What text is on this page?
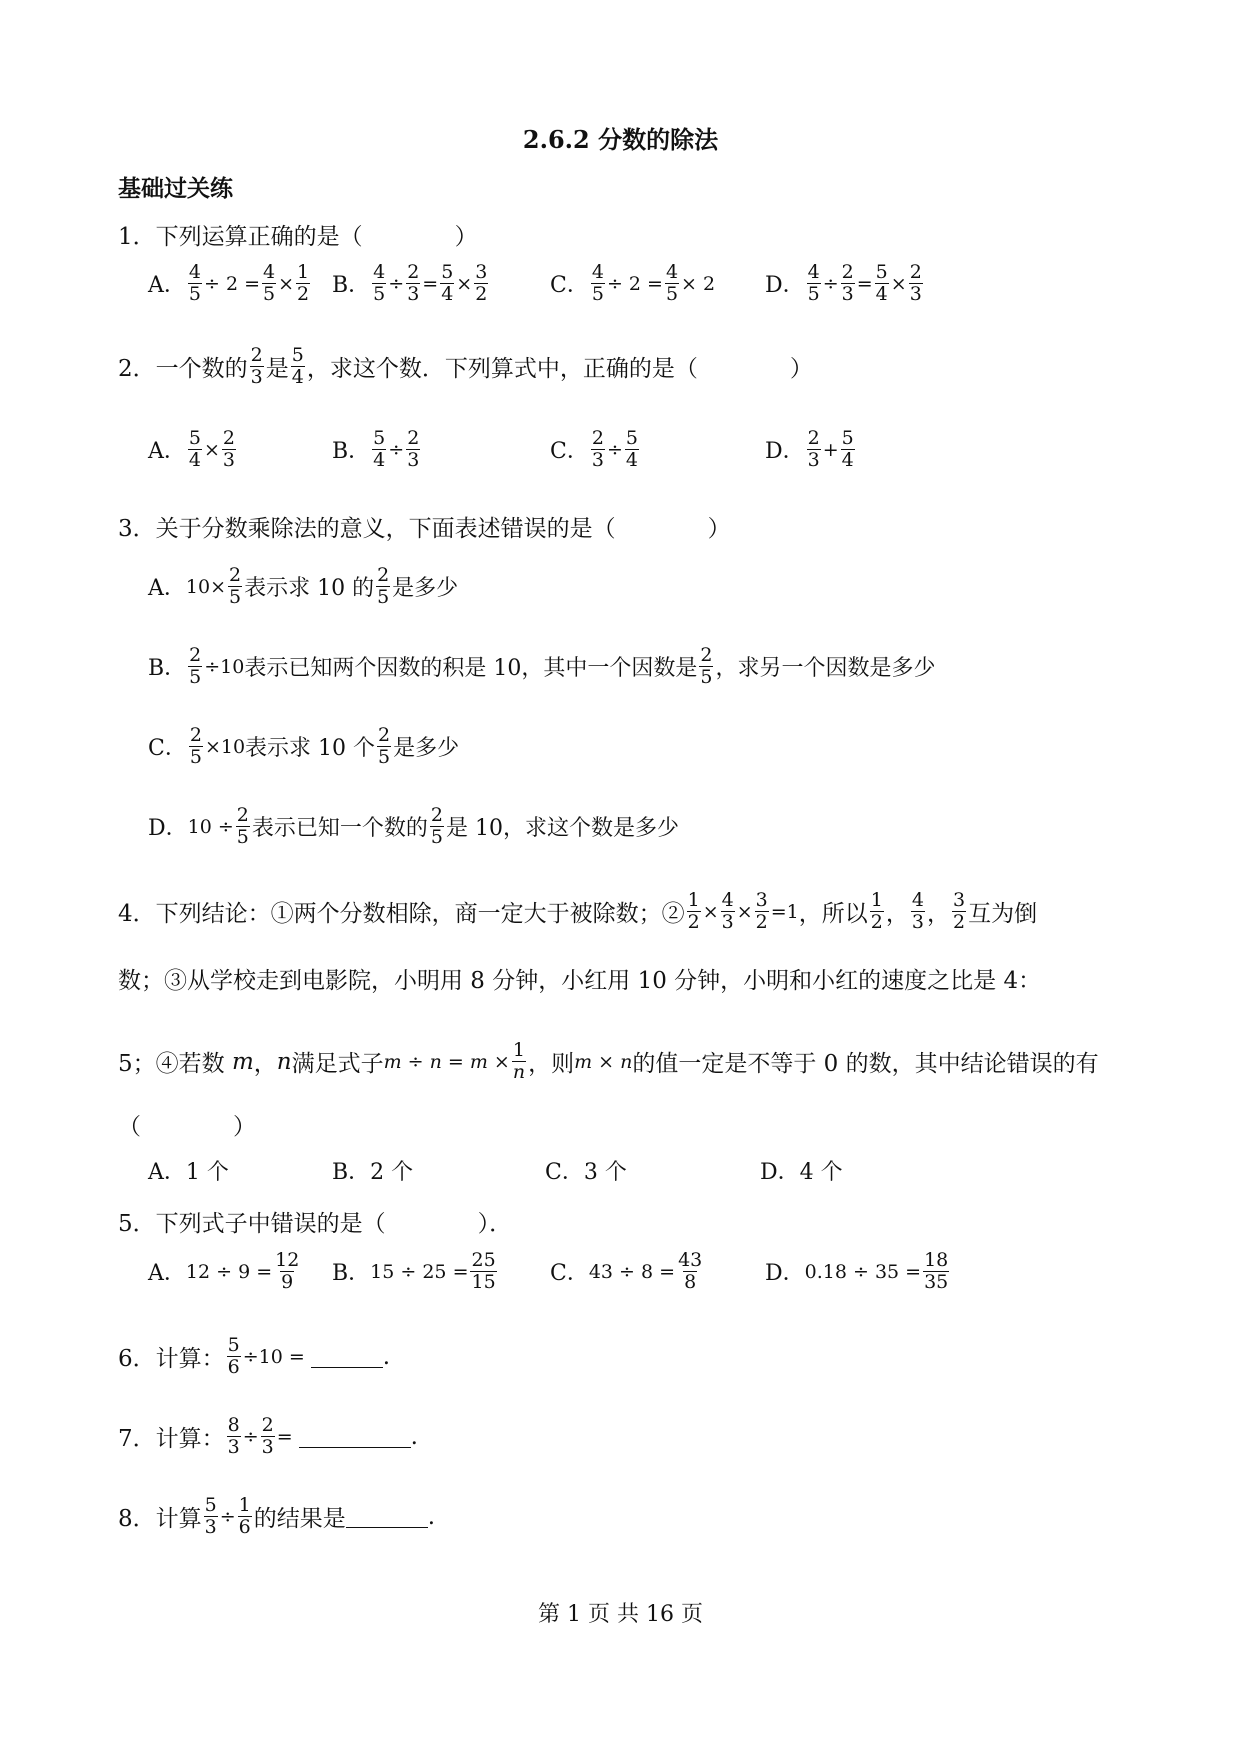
2.6.2 分数的除法
基础过关练
1．下列运算正确的是（　　　　）
A． $\frac{4}{5} \div 2 = \frac{4}{5} \times \frac{1}{2}$ B． $\frac{4}{5} \div \frac{2}{3} = \frac{5}{4} \times \frac{3}{2}$	C． $\frac{4}{5} \div 2 = \frac{4}{5} \times 2$ D． $\frac{4}{5} \div \frac{2}{3} = \frac{5}{4} \times \frac{2}{3}$
2．一个数的
2
3 是
5
4 ，求这个数．下列算式中，正确的是（　　　　）
A． $\frac{5}{4} \times \frac{2}{3}$	B． $\frac{5}{4} \div \frac{2}{3}$	C． $\frac{2}{3} \div \frac{5}{4}$	D．
2
$3 + \frac{5}{4}$
3．关于分数乘除法的意义，下面表述错误的是（　　　　）
A． $10\times \frac{2}{5}$ 表示求 10 的
2
5 是多少
B． $\frac{2}{5} \div 10$ 表示已知两个因数的积是 10，其中一个因数是
2
5 ，求另一个因数是多少
C． $\frac{2}{5} \times 10$ 表示求 10 个
2
5 是多少
D． $10 \div \frac{2}{5}$ 表示已知一个数的
2
5 是 10，求这个数是多少
4．下列结论：①两个分数相除，商一定大于被除数；② $\frac{1}{2} \times \frac{4}{3} \times \frac{3}{2} =1$ ，所以
1
2 ，
4
3 ，
3
2 互为倒
数；③从学校走到电影院，小明用 8 分钟，小红用 10 分钟，小明和小红的速度之比是 4：
5；④若数 m ， n 满足式子 $m \div n = m \times \frac{1}{n}$ ，则 m × n 的值一定是不等于 0 的数，其中结论错误的有
（　　　　）
A．1 个	B．2 个	C．3 个	D．4 个
5．下列式子中错误的是（　　　　）．
A． $12 \div 9 = \frac{12}{9}$ B． $15 \div 25 = \frac{25}{15}$ C． $43 \div 8 = \frac{43}{8}$	D． $0.18 \div 35 = \frac{18}{35}$
6．计算： $\frac{5}{6} \div 10$ =	.
7．计算： $\frac{8}{3} \div \frac{2}{3}$ =	.
8．计算 $\frac{5}{3} \div \frac{1}{6}$ 的结果是	.
第 1 页 共 16 页
